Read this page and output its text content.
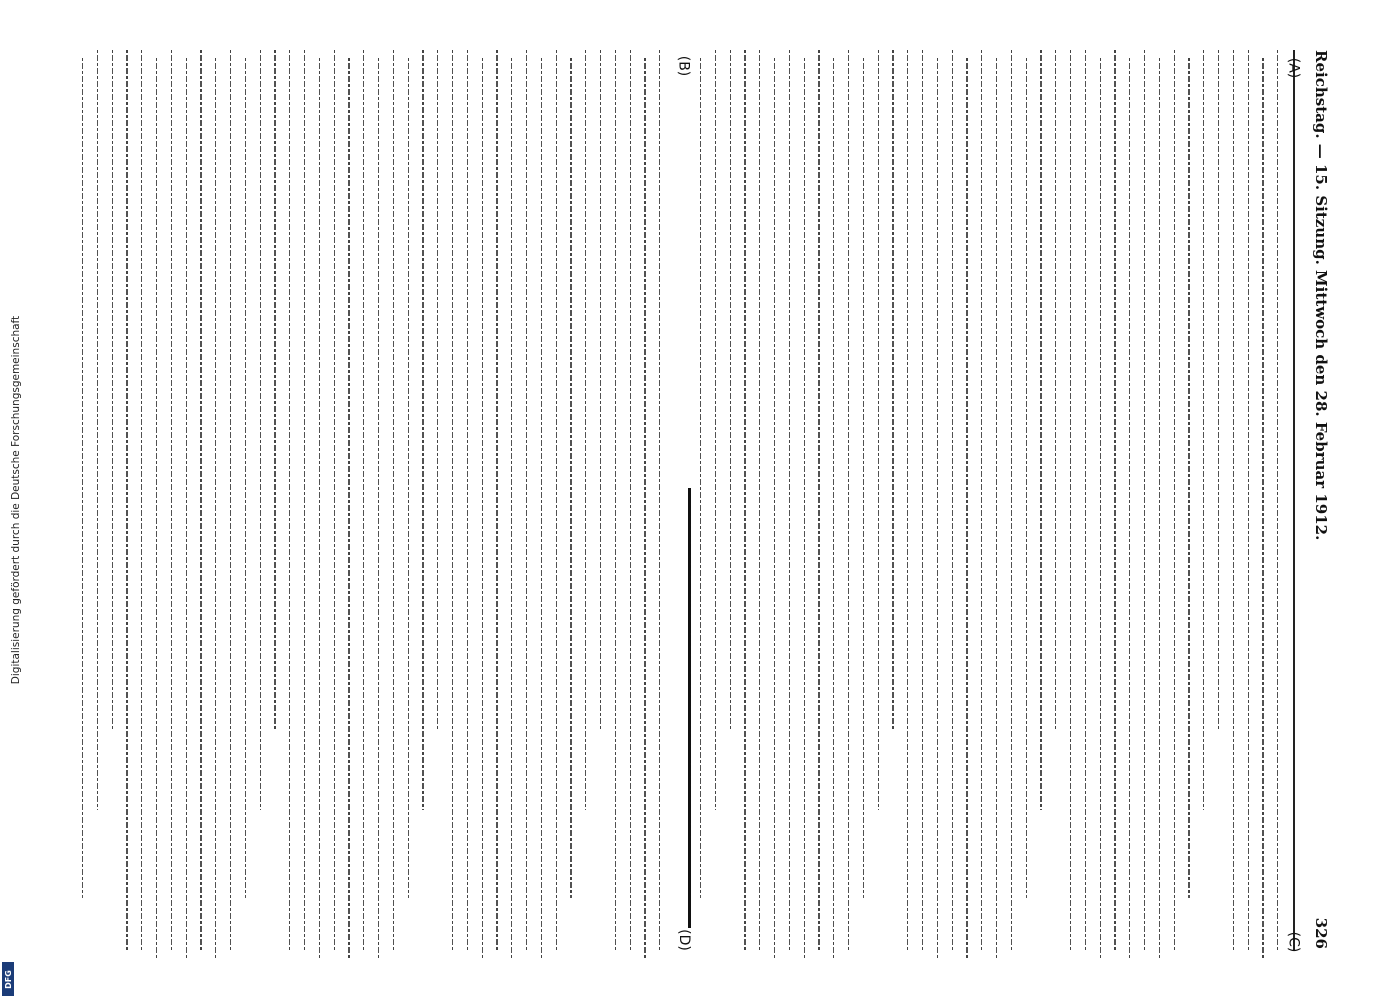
Reichstag. — 15. Sitzung. Mittwoch den 28. Februar 1912.
326
(A)
(B)
(C)
(D)
Digitalisierung gefördert durch die Deutsche Forschungsgemeinschaft
DFG
